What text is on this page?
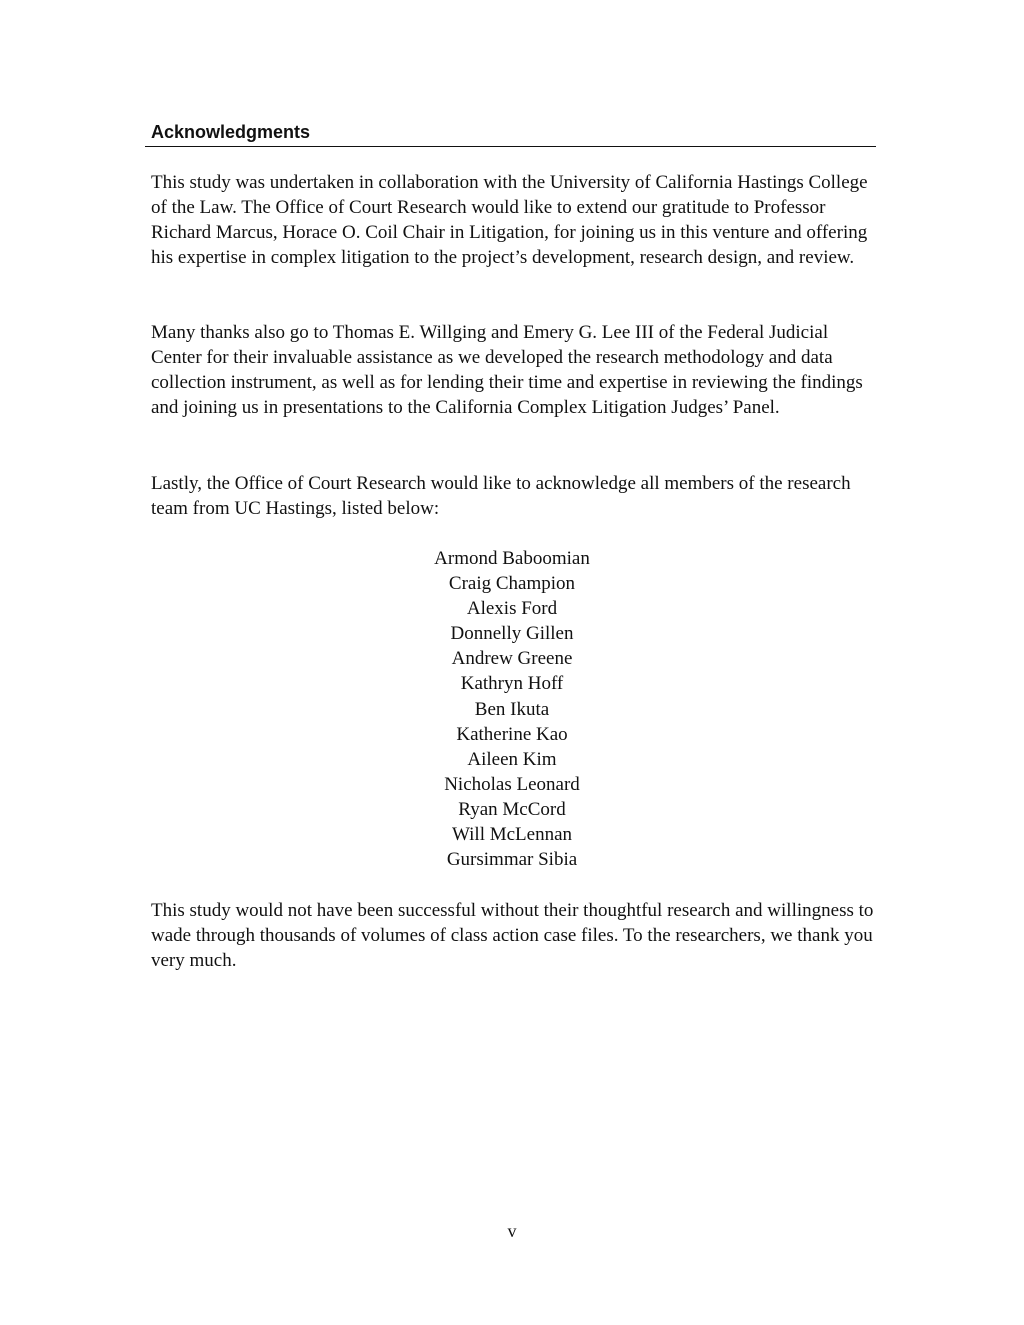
Acknowledgments

This study was undertaken in collaboration with the University of California Hastings College of the Law. The Office of Court Research would like to extend our gratitude to Professor Richard Marcus, Horace O. Coil Chair in Litigation, for joining us in this venture and offering his expertise in complex litigation to the project’s development, research design, and review.

Many thanks also go to Thomas E. Willging and Emery G. Lee III of the Federal Judicial Center for their invaluable assistance as we developed the research methodology and data collection instrument, as well as for lending their time and expertise in reviewing the findings and joining us in presentations to the California Complex Litigation Judges’ Panel.

Lastly, the Office of Court Research would like to acknowledge all members of the research team from UC Hastings, listed below:

Armond Baboomian
Craig Champion
Alexis Ford
Donnelly Gillen
Andrew Greene
Kathryn Hoff
Ben Ikuta
Katherine Kao
Aileen Kim
Nicholas Leonard
Ryan McCord
Will McLennan
Gursimmar Sibia

This study would not have been successful without their thoughtful research and willingness to wade through thousands of volumes of class action case files. To the researchers, we thank you very much.

v
